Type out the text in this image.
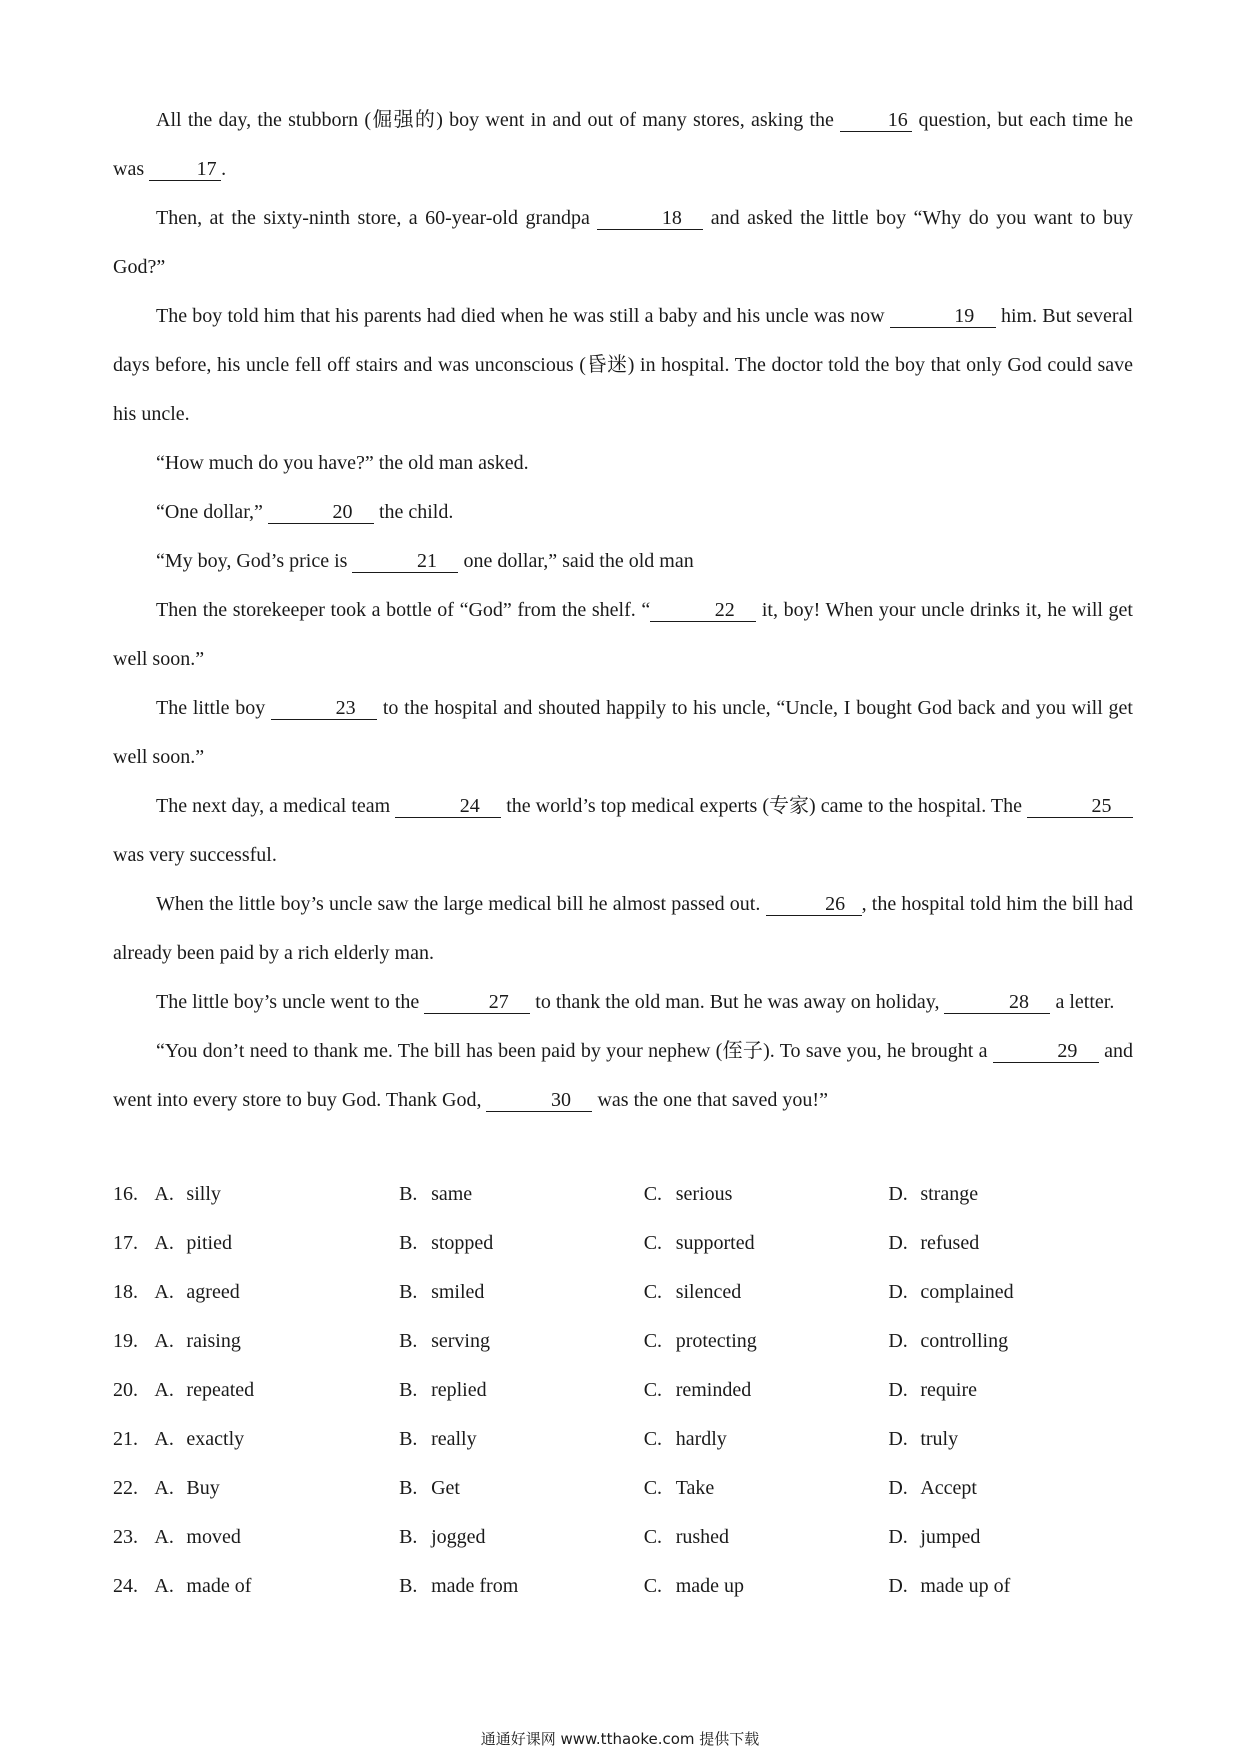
All the day, the stubborn (倔强的) boy went in and out of many stores, asking the 16 question, but each time he was 17 .

Then, at the sixty-ninth store, a 60-year-old grandpa	18 and asked the little boy “Why do you want to buy God?”

The boy told him that his parents had died when he was still a baby and his uncle was now	19 him. But several days before, his uncle fell off stairs and was unconscious (昏迷) in hospital. The doctor told the boy that only God could save his uncle.

“How much do you have?” the old man asked.

“One dollar,”	20 the child.

“My boy, God’s price is	21 one dollar,” said the old man

Then the storekeeper took a bottle of “God” from the shelf. “	22 it, boy! When your uncle drinks it, he will get well soon.”

The little boy	23 to the hospital and shouted happily to his uncle, “Uncle, I bought God back and you will get well soon.”

The next day, a medical team	24 the world’s top medical experts (专家) came to the hospital. The	25 was very successful.

When the little boy’s uncle saw the large medical bill he almost passed out.	26 , the hospital told him the bill had already been paid by a rich elderly man.

The little boy’s uncle went to the	27 to thank the old man. But he was away on holiday,	28 a letter.

“You don’t need to thank me. The bill has been paid by your nephew (侄子). To save you, he brought a	29 and went into every store to buy God. Thank God,	30 was the one that saved you!”

16. A. silly	B. same	C. serious	D. strange
17. A. pitied	B. stopped	C. supported	D. refused
18. A. agreed	B. smiled	C. silenced	D. complained
19. A. raising	B. serving	C. protecting	D. controlling
20. A. repeated	B. replied	C. reminded	D. require
21. A. exactly	B. really	C. hardly	D. truly
22. A. Buy	B. Get	C. Take	D. Accept
23. A. moved	B. jogged	C. rushed	D. jumped
24. A. made of	B. made from	C. made up	D. made up of
通通好课网 www.tthaoke.com 提供下载
